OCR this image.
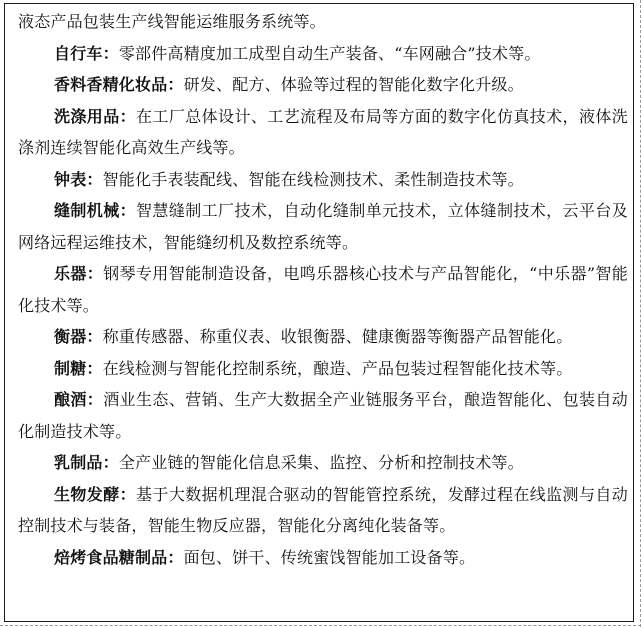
液态产品包装生产线智能运维服务系统等。

自行车：零部件高精度加工成型自动生产装备、“车网融合”技术等。

香料香精化妆品：研发、配方、体验等过程的智能化数字化升级。

洗涤用品：在工厂总体设计、工艺流程及布局等方面的数字化仿真技术，液体洗涤剂连续智能化高效生产线等。

钟表：智能化手表装配线、智能在线检测技术、柔性制造技术等。

缝制机械：智慧缝制工厂技术，自动化缝制单元技术，立体缝制技术，云平台及网络远程运维技术，智能缝纫机及数控系统等。

乐器：钢琴专用智能制造设备，电鸣乐器核心技术与产品智能化，“中乐器”智能化技术等。

衡器：称重传感器、称重仪表、收银衡器、健康衡器等衡器产品智能化。

制糖：在线检测与智能化控制系统，酿造、产品包装过程智能化技术等。

酿酒：酒业生态、营销、生产大数据全产业链服务平台，酿造智能化、包装自动化制造技术等。

乳制品：全产业链的智能化信息采集、监控、分析和控制技术等。

生物发酵：基于大数据机理混合驱动的智能管控系统，发酵过程在线监测与自动控制技术与装备，智能生物反应器，智能化分离纯化装备等。

焙烤食品糖制品：面包、饼干、传统蜜饯智能加工设备等。
